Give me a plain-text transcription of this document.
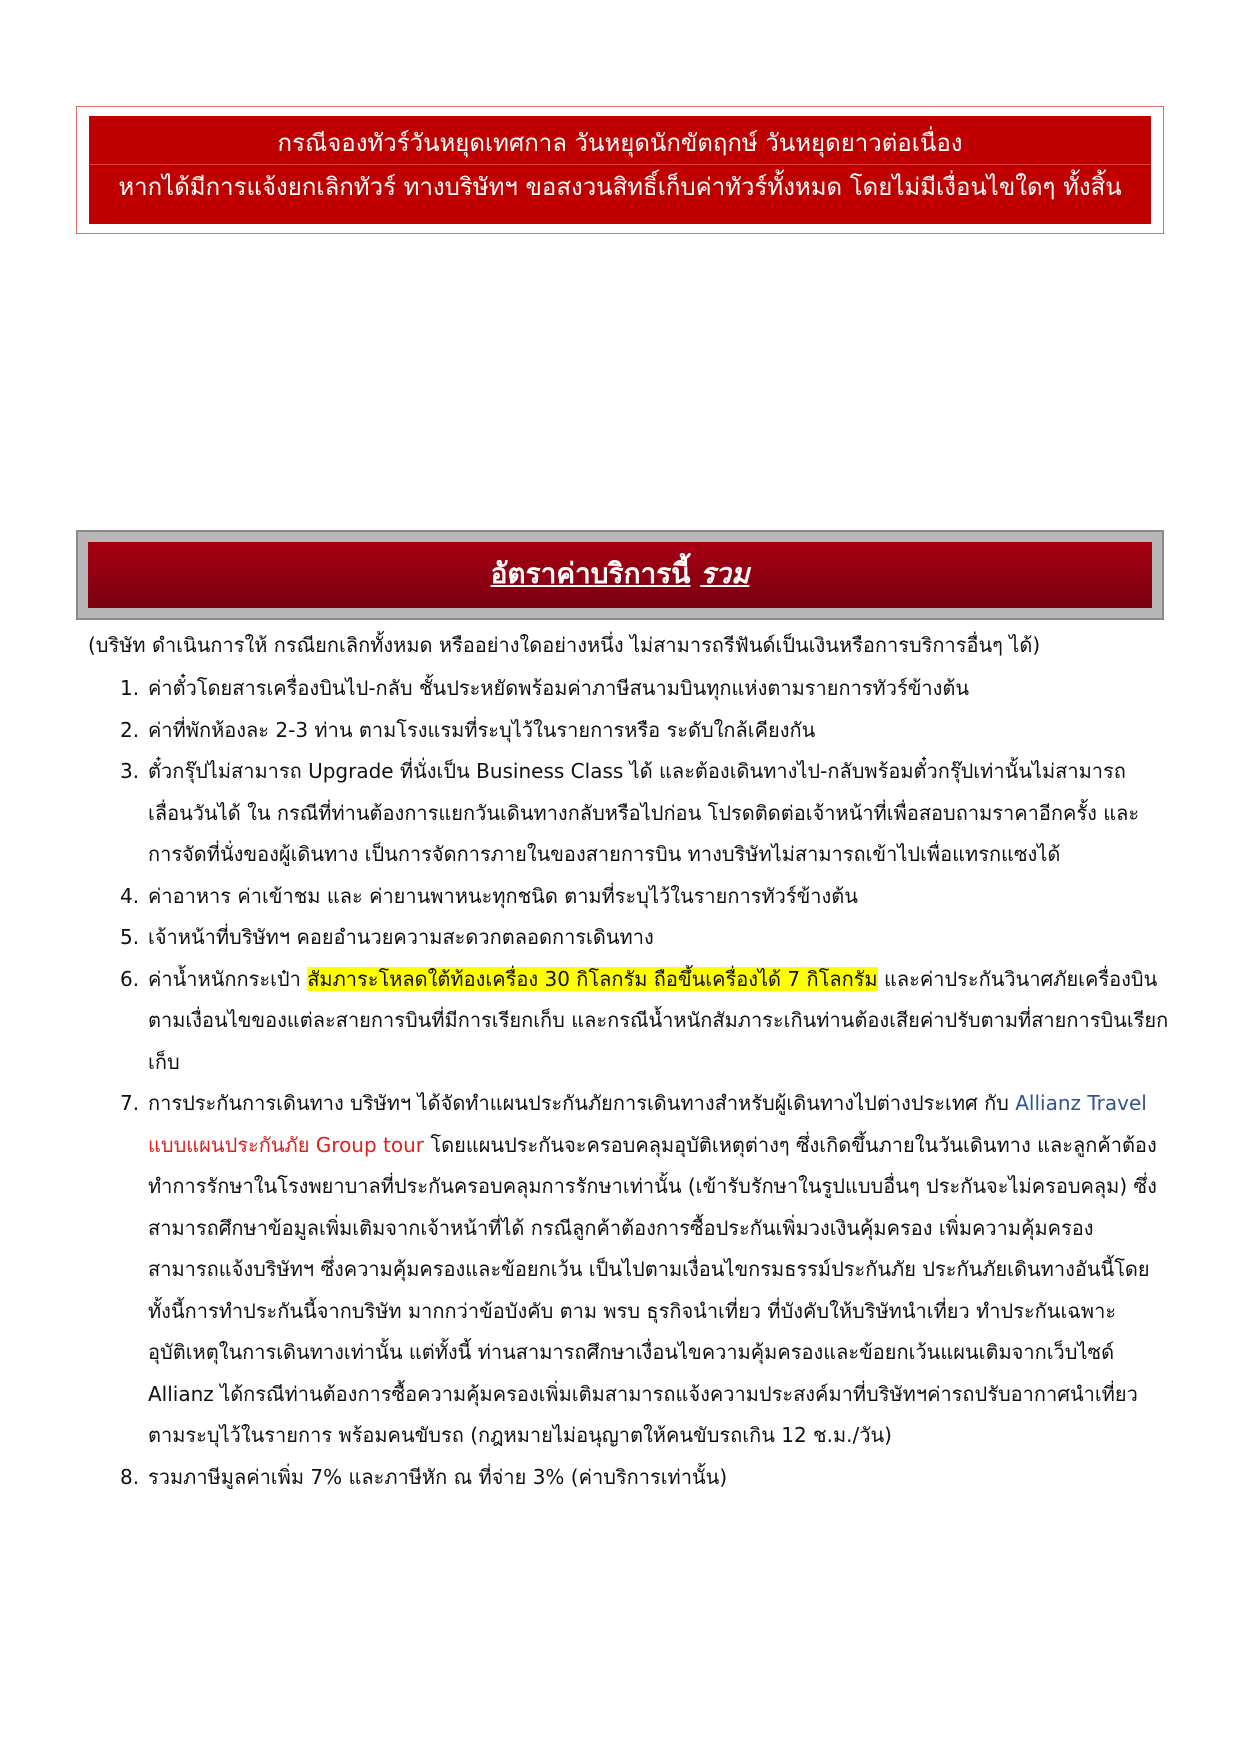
กรณีจองทัวร์วันหยุดเทศกาล วันหยุดนักขัตฤกษ์ วันหยุดยาวต่อเนื่อง
หากได้มีการแจ้งยกเลิกทัวร์ ทางบริษัทฯ ขอสงวนสิทธิ์เก็บค่าทัวร์ทั้งหมด โดยไม่มีเงื่อนไขใดๆ ทั้งสิ้น
อัตราค่าบริการนี้ รวม
(บริษัท ดำเนินการให้ กรณียกเลิกทั้งหมด หรืออย่างใดอย่างหนึ่ง ไม่สามารถรีฟันด์เป็นเงินหรือการบริการอื่นๆ ได้)
1. ค่าตั๋วโดยสารเครื่องบินไป-กลับ ชั้นประหยัดพร้อมค่าภาษีสนามบินทุกแห่งตามรายการทัวร์ข้างต้น
2. ค่าที่พักห้องละ 2-3 ท่าน ตามโรงแรมที่ระบุไว้ในรายการหรือ ระดับใกล้เคียงกัน
3. ตั๋วกรุ๊ปไม่สามารถ Upgrade ที่นั่งเป็น Business Class ได้ และต้องเดินทางไป-กลับพร้อมตั๋วกรุ๊ปเท่านั้นไม่สามารถเลื่อนวันได้ ใน กรณีที่ท่านต้องการแยกวันเดินทางกลับหรือไปก่อน โปรดติดต่อเจ้าหน้าที่เพื่อสอบถามราคาอีกครั้ง และการจัดที่นั่งของผู้เดินทาง เป็นการจัดการภายในของสายการบิน ทางบริษัทไม่สามารถเข้าไปเพื่อแทรกแซงได้
4. ค่าอาหาร ค่าเข้าชม และ ค่ายานพาหนะทุกชนิด ตามที่ระบุไว้ในรายการทัวร์ข้างต้น
5. เจ้าหน้าที่บริษัทฯ คอยอำนวยความสะดวกตลอดการเดินทาง
6. ค่าน้ำหนักกระเป๋า สัมภาระโหลดใต้ท้องเครื่อง 30 กิโลกรัม ถือขึ้นเครื่องได้ 7 กิโลกรัม และค่าประกันวินาศภัยเครื่องบินตามเงื่อนไขของแต่ละสายการบินที่มีการเรียกเก็บ และกรณีน้ำหนักสัมภาระเกินท่านต้องเสียค่าปรับตามที่สายการบินเรียกเก็บ
7. การประกันการเดินทาง บริษัทฯ ได้จัดทำแผนประกันภัยการเดินทางสำหรับผู้เดินทางไปต่างประเทศ กับ Allianz Travel แบบแผนประกันภัย Group tour โดยแผนประกันจะครอบคลุมอุบัติเหตุต่างๆ ซึ่งเกิดขึ้นภายในวันเดินทาง และลูกค้าต้องทำการรักษาในโรงพยาบาลที่ประกันครอบคลุมการรักษาเท่านั้น (เข้ารับรักษาในรูปแบบอื่นๆ ประกันจะไม่ครอบคลุม) ซึ่งสามารถศึกษาข้อมูลเพิ่มเติมจากเจ้าหน้าที่ได้ กรณีลูกค้าต้องการซื้อประกันเพิ่มวงเงินคุ้มครอง เพิ่มความคุ้มครอง สามารถแจ้งบริษัทฯ ซึ่งความคุ้มครองและข้อยกเว้น เป็นไปตามเงื่อนไขกรมธรรม์ประกันภัย ประกันภัยเดินทางอันนี้โดยทั้งนี้การทำประกันนี้จากบริษัท มากกว่าข้อบังคับ ตาม พรบ ธุรกิจนำเที่ยว ที่บังคับให้บริษัทนำเที่ยว ทำประกันเฉพาะอุบัติเหตุในการเดินทางเท่านั้น แต่ทั้งนี้ ท่านสามารถศึกษาเงื่อนไขความคุ้มครองและข้อยกเว้นแผนเติมจากเว็บไซด์ Allianz ได้กรณีท่านต้องการซื้อความคุ้มครองเพิ่มเติมสามารถแจ้งความประสงค์มาที่บริษัทฯค่ารถปรับอากาศนำเที่ยวตามระบุไว้ในรายการ พร้อมคนขับรถ (กฎหมายไม่อนุญาตให้คนขับรถเกิน 12 ช.ม./วัน)
8. รวมภาษีมูลค่าเพิ่ม 7% และภาษีหัก ณ ที่จ่าย 3% (ค่าบริการเท่านั้น)
